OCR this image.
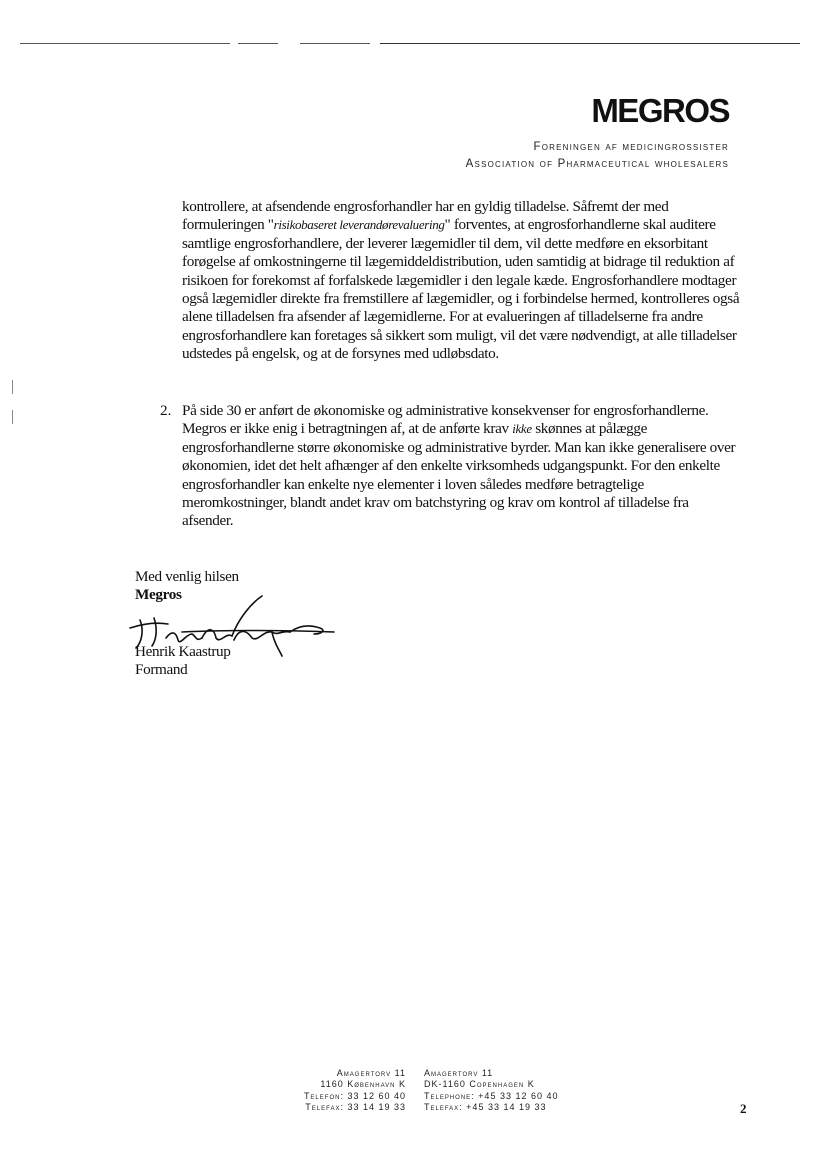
MEGROS
Foreningen af medicingrossister
Association of Pharmaceutical wholesalers
kontrollere, at afsendende engrosforhandler har en gyldig tilladelse. Såfremt der med formuleringen "risikobaseret leverandørevaluering" forventes, at engrosforhandlerne skal auditere samtlige engrosforhandlere, der leverer lægemidler til dem, vil dette medføre en eksorbitant forøgelse af omkostningerne til lægemiddeldistribution, uden samtidig at bidrage til reduktion af risikoen for forekomst af forfalskede lægemidler i den legale kæde. Engrosforhandlere modtager også lægemidler direkte fra fremstillere af lægemidler, og i forbindelse hermed, kontrolleres også alene tilladelsen fra afsender af lægemidlerne. For at evalueringen af tilladelserne fra andre engrosforhandlere kan foretages så sikkert som muligt, vil det være nødvendigt, at alle tilladelser udstedes på engelsk, og at de forsynes med udløbsdato.
2. På side 30 er anført de økonomiske og administrative konsekvenser for engrosforhandlerne. Megros er ikke enig i betragtningen af, at de anførte krav ikke skønnes at pålægge engrosforhandlerne større økonomiske og administrative byrder. Man kan ikke generalisere over økonomien, idet det helt afhænger af den enkelte virksomheds udgangspunkt. For den enkelte engrosforhandler kan enkelte nye elementer i loven således medføre betragtelige meromkostninger, blandt andet krav om batchstyring og krav om kontrol af tilladelse fra afsender.
Med venlig hilsen
Megros
Henrik Kaastrup
Formand
Amagertorv 11
1160 København K
Telefon: 33 12 60 40
Telefax: 33 14 19 33
Amagertorv 11
DK-1160 Copenhagen K
Telephone: +45 33 12 60 40
Telefax: +45 33 14 19 33	2
